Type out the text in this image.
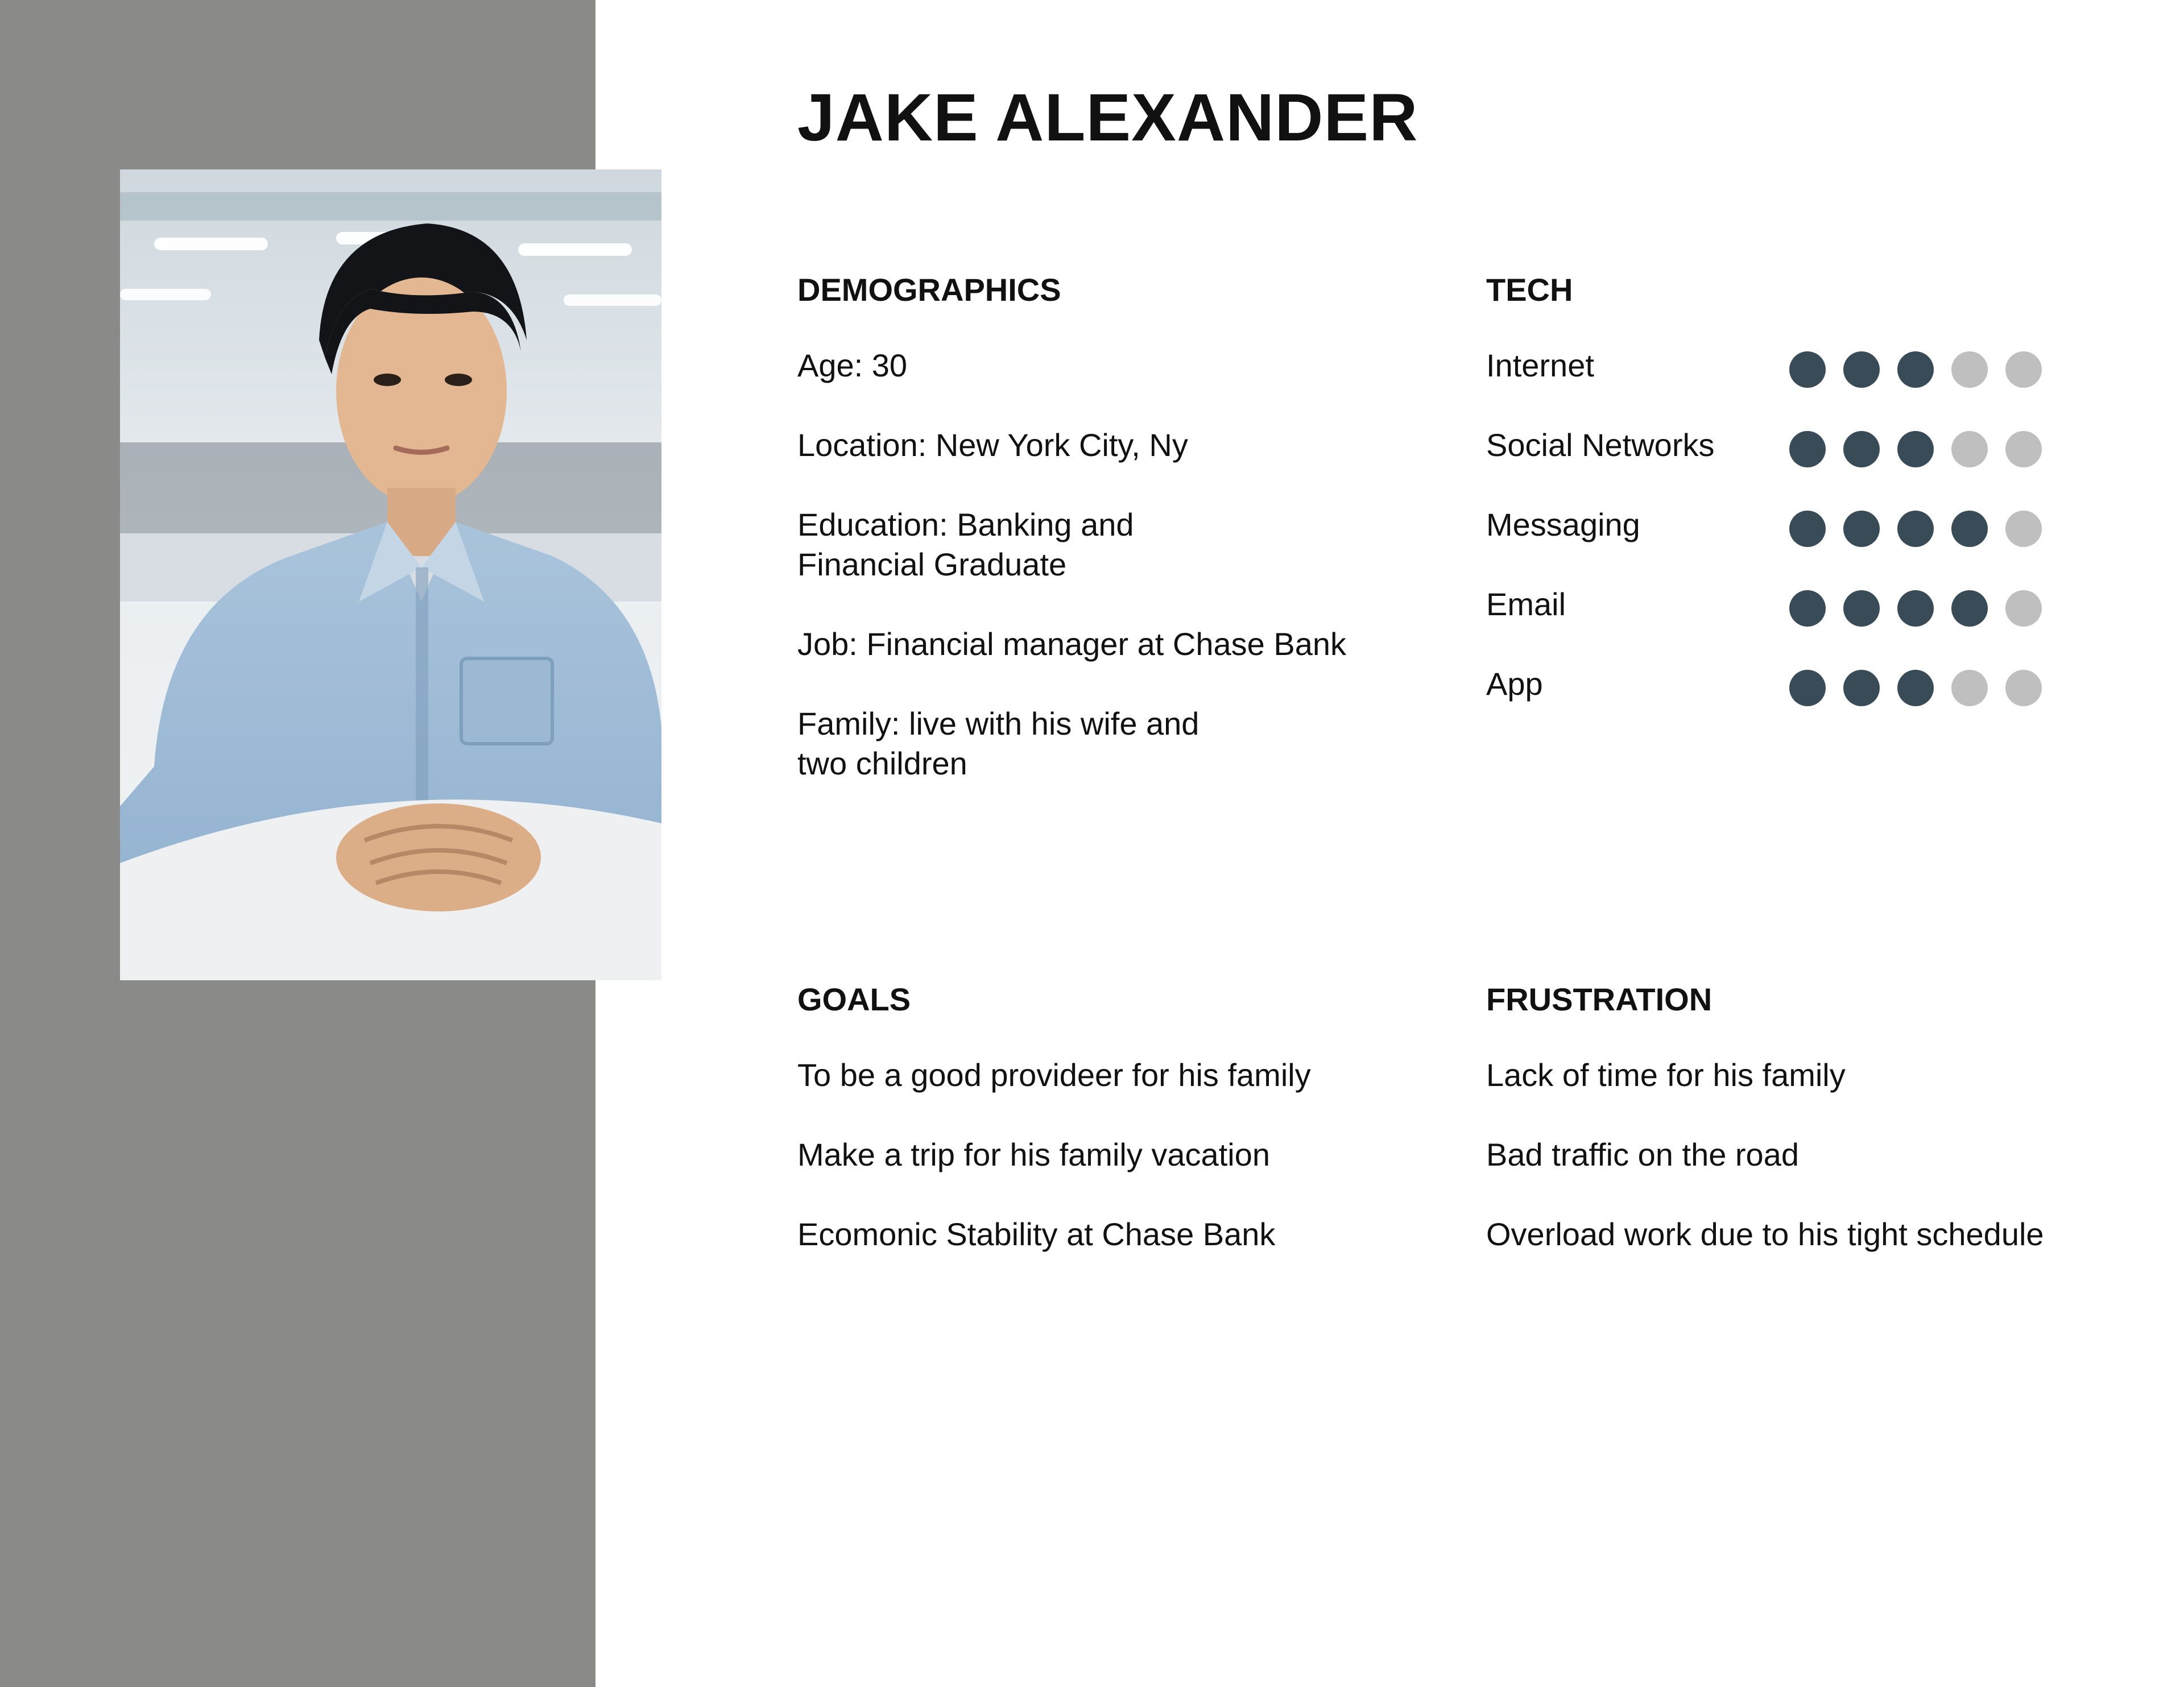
JAKE ALEXANDER
DEMOGRAPHICS

Age: 30

Location: New York City, Ny

Education: Banking and
Financial Graduate

Job: Financial manager at Chase Bank

Family: live with his wife and
two children

TECH

Internet

Social Networks

Messaging

Email

App

GOALS

To be a good provideer for his family

Make a trip for his family vacation

Ecomonic Stability at Chase Bank

FRUSTRATION

Lack of time for his family

Bad traffic on the road

Overload work due to his tight schedule
